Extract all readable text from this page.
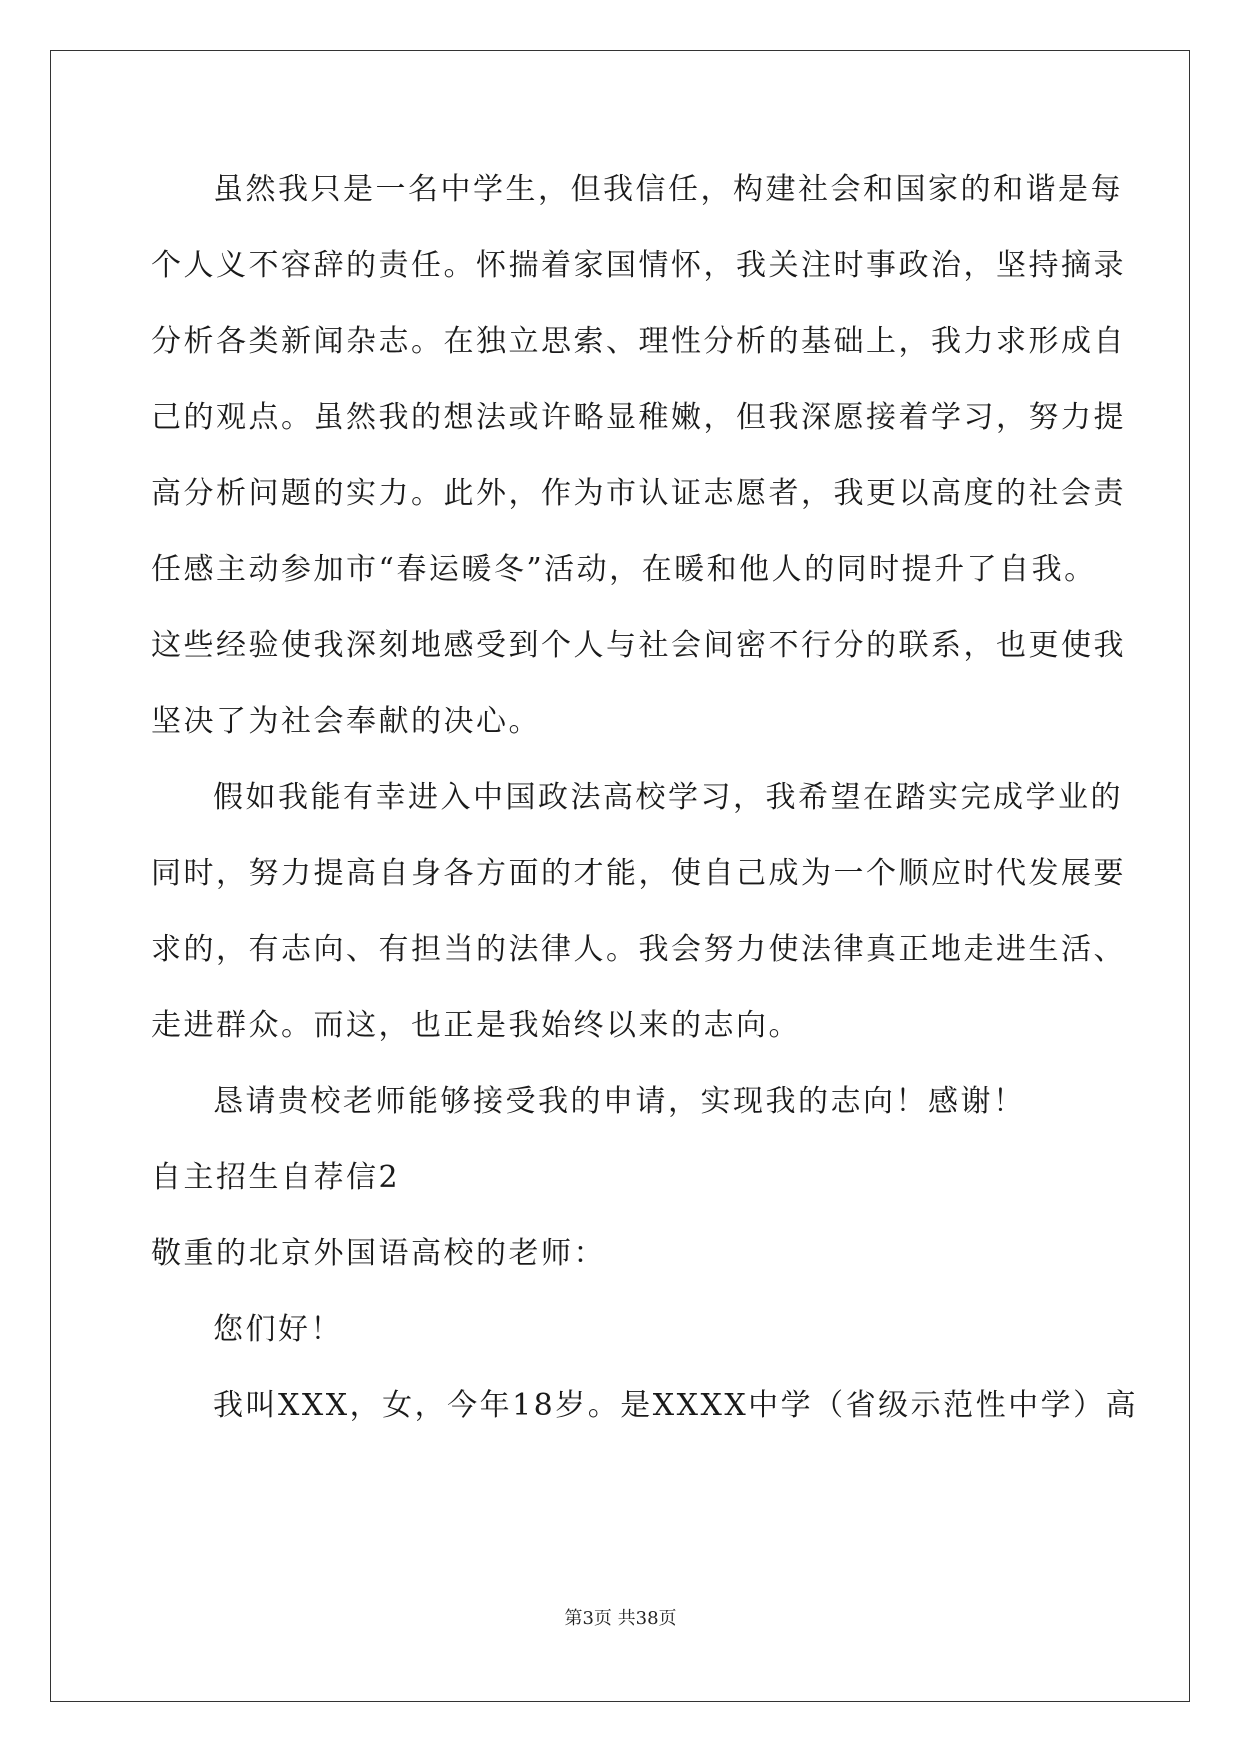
虽然我只是一名中学生，但我信任，构建社会和国家的和谐是每
个人义不容辞的责任。怀揣着家国情怀，我关注时事政治，坚持摘录
分析各类新闻杂志。在独立思索、理性分析的基础上，我力求形成自
己的观点。虽然我的想法或许略显稚嫩，但我深愿接着学习，努力提
高分析问题的实力。此外，作为市认证志愿者，我更以高度的社会责
任感主动参加市“春运暖冬”活动，在暖和他人的同时提升了自我。
这些经验使我深刻地感受到个人与社会间密不行分的联系，也更使我
坚决了为社会奉献的决心。
假如我能有幸进入中国政法高校学习，我希望在踏实完成学业的
同时，努力提高自身各方面的才能，使自己成为一个顺应时代发展要
求的，有志向、有担当的法律人。我会努力使法律真正地走进生活、
走进群众。而这，也正是我始终以来的志向。
恳请贵校老师能够接受我的申请，实现我的志向！感谢！
自主招生自荐信2
敬重的北京外国语高校的老师：
您们好！
我叫XXX，女，今年18岁。是XXXX中学（省级示范性中学）高
第3页 共38页
